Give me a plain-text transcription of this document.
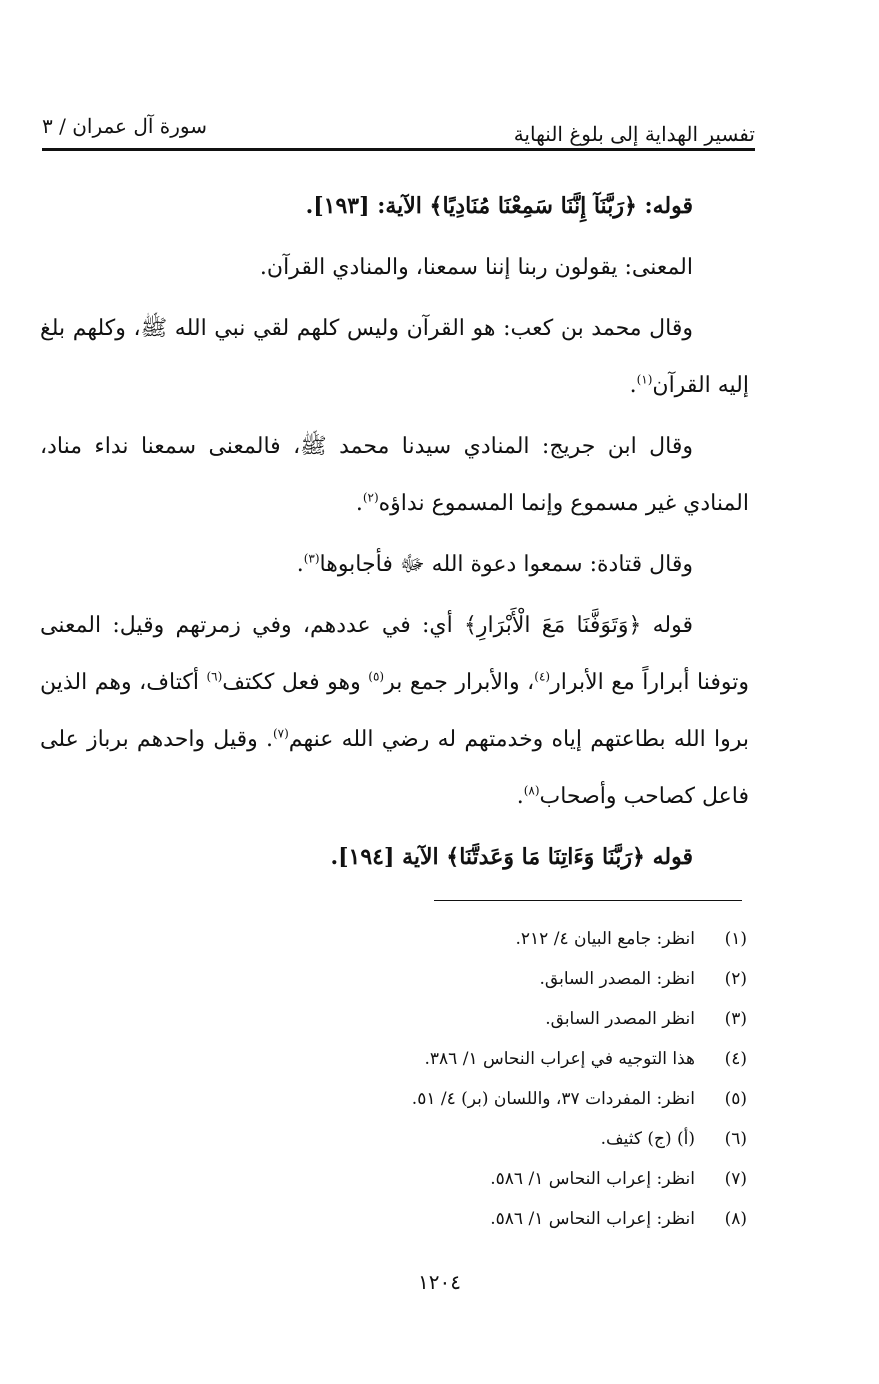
تفسير الهداية إلى بلوغ النهاية
سورة آل عمران / ٣

قوله: ﴿رَبَّنَآ إِنَّنَا سَمِعْنَا مُنَادِيًا﴾ الآية: [١٩٣].

المعنى: يقولون ربنا إننا سمعنا، والمنادي القرآن.

وقال محمد بن كعب: هو القرآن وليس كلهم لقي نبي الله ﷺ، وكلهم بلغ إليه القرآن$^{(١)}$.

وقال ابن جريج: المنادي سيدنا محمد ﷺ، فالمعنى سمعنا نداء مناد، المنادي غير مسموع وإنما المسموع نداؤه$^{(٢)}$.

وقال قتادة: سمعوا دعوة الله ﷻ فأجابوها$^{(٣)}$.

قوله ﴿وَتَوَفَّنَا مَعَ الْأَبْرَارِ﴾ أي: في عددهم، وفي زمرتهم وقيل: المعنى وتوفنا أبراراً مع الأبرار$^{(٤)}$، والأبرار جمع بر$^{(٥)}$ وهو فعل ككتف$^{(٦)}$ أكتاف، وهم الذين بروا الله بطاعتهم إياه وخدمتهم له رضي الله عنهم$^{(٧)}$. وقيل واحدهم برباز على فاعل كصاحب وأصحاب$^{(٨)}$.

قوله ﴿رَبَّنَا وَءَاتِنَا مَا وَعَدتَّنَا﴾ الآية [١٩٤].

(١)انظر: جامع البيان ٤/ ٢١٢.
(٢)انظر: المصدر السابق.
(٣)انظر المصدر السابق.
(٤)هذا التوجيه في إعراب النحاس ١/ ٣٨٦.
(٥)انظر: المفردات ٣٧، واللسان (بر) ٤/ ٥١.
(٦)(أ) (ج) كثيف.
(٧)انظر: إعراب النحاس ١/ ٥٨٦.
(٨)انظر: إعراب النحاس ١/ ٥٨٦.
١٢٠٤
